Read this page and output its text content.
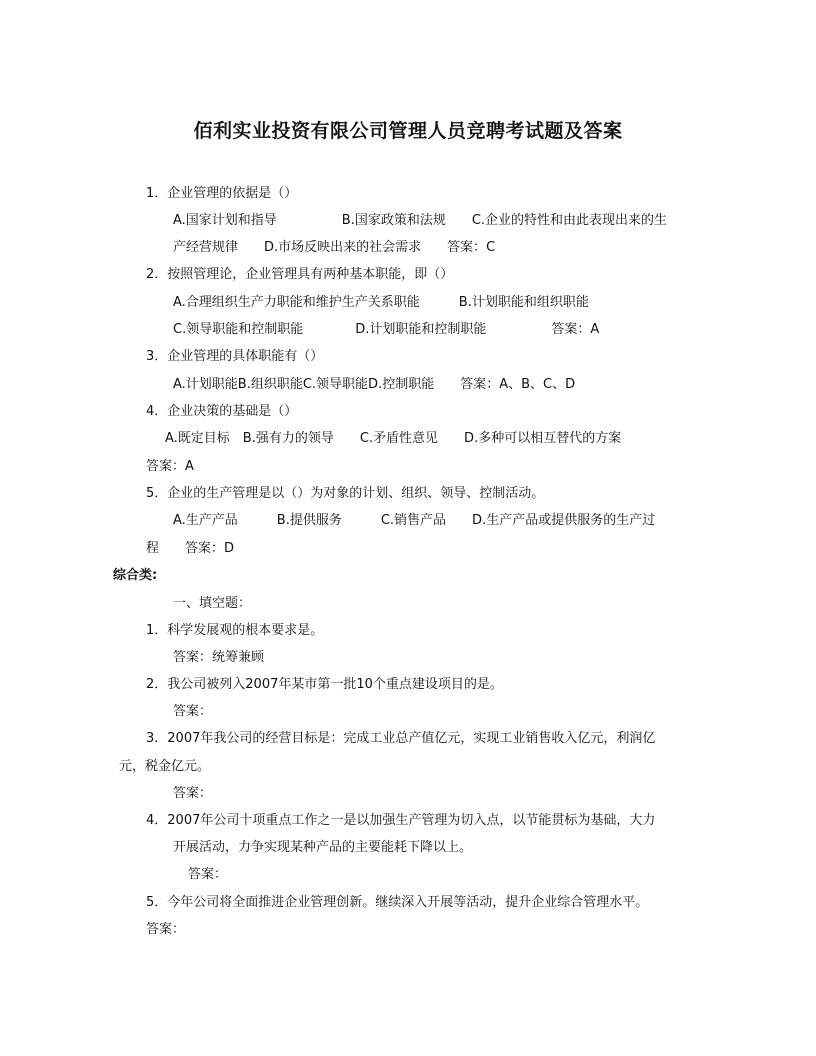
佰利实业投资有限公司管理人员竞聘考试题及答案
1．企业管理的依据是（）
A.国家计划和指导　　　　　B.国家政策和法规　　C.企业的特性和由此表现出来的生
产经营规律　　D.市场反映出来的社会需求　　答案：C
2．按照管理论，企业管理具有两种基本职能，即（）
A.合理组织生产力职能和维护生产关系职能　　　B.计划职能和组织职能
C.领导职能和控制职能　　　　D.计划职能和控制职能　　　　　答案：A
3．企业管理的具体职能有（）
A.计划职能B.组织职能C.领导职能D.控制职能　　答案：A、B、C、D
4．企业决策的基础是（）
A.既定目标　B.强有力的领导　　C.矛盾性意见　　D.多种可以相互替代的方案
答案：A
5．企业的生产管理是以（）为对象的计划、组织、领导、控制活动。
A.生产产品　　　B.提供服务　　　C.销售产品　　D.生产产品或提供服务的生产过
程　　答案：D
综合类:
一、填空题：
1．科学发展观的根本要求是。
答案：统筹兼顾
2．我公司被列入2007年某市第一批10个重点建设项目的是。
答案：
3．2007年我公司的经营目标是：完成工业总产值亿元，实现工业销售收入亿元，利润亿
元，税金亿元。
答案：
4．2007年公司十项重点工作之一是以加强生产管理为切入点，以节能贯标为基础，大力
开展活动，力争实现某种产品的主要能耗下降以上。
答案：
5．今年公司将全面推进企业管理创新。继续深入开展等活动，提升企业综合管理水平。
答案：
